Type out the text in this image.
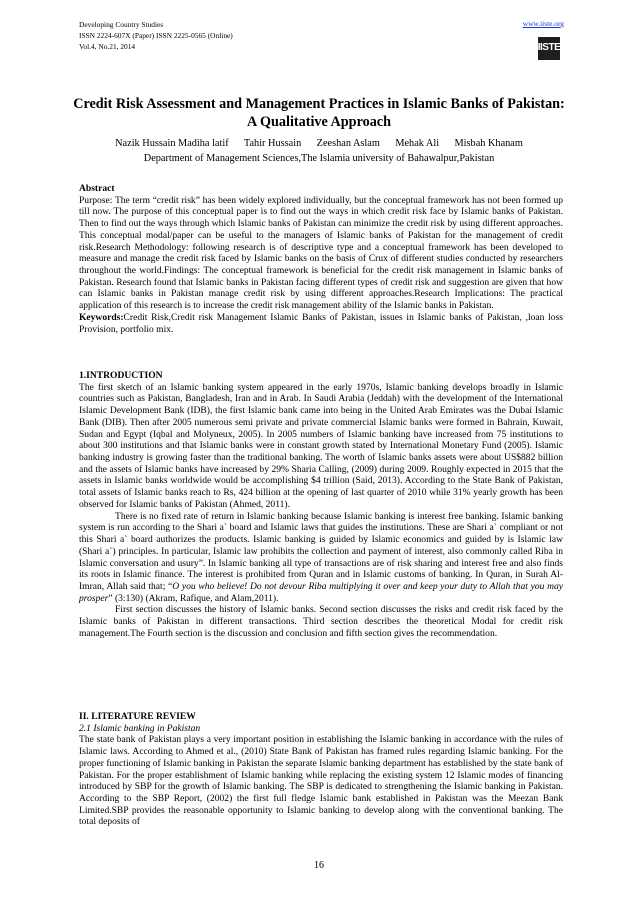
Developing Country Studies
ISSN 2224-607X (Paper) ISSN 2225-0565 (Online)
Vol.4, No.21, 2014
www.iiste.org
IISTE
Credit Risk Assessment and Management Practices in Islamic Banks of Pakistan: A Qualitative Approach
Nazik Hussain Madiha latif      Tahir Hussain      Zeeshan Aslam      Mehak Ali      Misbah Khanam
Department of Management Sciences,The Islamia university of Bahawalpur,Pakistan
Abstract
Purpose: The term “credit risk” has been widely explored individually, but the conceptual framework has not been formed up till now. The purpose of this conceptual paper is to find out the ways in which credit risk face by Islamic banks of Pakistan. Then to find out the ways through which Islamic banks of Pakistan can minimize the credit risk by using different approaches. This conceptual modal/paper can be useful to the managers of Islamic banks of Pakistan for the management of credit risk.Research Methodology: following research is of descriptive type and a conceptual framework has been developed to measure and manage the credit risk faced by Islamic banks on the basis of Crux of different studies conducted by researchers throughout the world.Findings: The conceptual framework is beneficial for the credit risk management in Islamic banks of Pakistan. Research found that Islamic banks in Pakistan facing different types of credit risk and suggestion are given that how can Islamic banks in Pakistan manage credit risk by using different approaches.Research Implications: The practical application of this research is to increase the credit risk management ability of the Islamic banks in Pakistan.
Keywords:Credit Risk,Credit risk Management Islamic Banks of Pakistan, issues in Islamic banks of Pakistan, ,loan loss Provision, portfolio mix.
1.INTRODUCTION
The first sketch of an Islamic banking system appeared in the early 1970s, Islamic banking develops broadly in Islamic countries such as Pakistan, Bangladesh, Iran and in Arab. In Saudi Arabia (Jeddah) with the development of the International Islamic Development Bank (IDB), the first Islamic bank came into being in the United Arab Emirates was the Dubai Islamic Bank (DIB). Then after 2005 numerous semi private and private commercial Islamic banks were formed in Bahrain, Kuwait, Sudan and Egypt (Iqbal and Molyneux, 2005). In 2005 numbers of Islamic banking have increased from 75 institutions to about 300 institutions and that Islamic banks were in constant growth stated by International Monetary Fund (2005). Islamic banking industry is growing faster than the traditional banking. The worth of Islamic banks assets were about US$882 billion and the assets of Islamic banks have increased by 29% Sharia Calling, (2009) during 2009. Roughly expected in 2015 that the assets in Islamic banks worldwide would be accomplishing $4 trillion (Said, 2013). According to the State Bank of Pakistan, total assets of Islamic banks reach to Rs, 424 billion at the opening of last quarter of 2010 while 31% yearly growth has been observed for Islamic banks of Pakistan (Ahmed, 2011).
There is no fixed rate of return in Islamic banking because Islamic banking is interest free banking. Islamic banking system is run according to the Shari a` board and Islamic laws that guides the institutions. These are Shari a` compliant or not this Shari a` board authorizes the products. Islamic banking is guided by Islamic economics and guided by is Islamic law (Shari a`) principles. In particular, Islamic law prohibits the collection and payment of interest, also commonly called Riba in Islamic conversation and usury”. In Islamic banking all type of transactions are of risk sharing and interest free and also finds its roots in Islamic finance. The interest is prohibited from Quran and in Islamic customs of banking. In Quran, in Surah Al-Imran, Allah said that; “O you who believe! Do not devour Riba multiplying it over and keep your duty to Allah that you may prosper” (3:130) (Akram, Rafique, and Alam,2011).
First section discusses the history of Islamic banks. Second section discusses the risks and credit risk faced by the Islamic banks of Pakistan in different transactions. Third section describes the theoretical Modal for credit risk management.The Fourth section is the discussion and conclusion and fifth section gives the recommendation.
II. LITERATURE REVIEW
2.1 Islamic banking in Pakistan
The state bank of Pakistan plays a very important position in establishing the Islamic banking in accordance with the rules of Islamic laws. According to Ahmed et al., (2010) State Bank of Pakistan has framed rules regarding Islamic banking. For the proper functioning of Islamic banking in Pakistan the separate Islamic banking department has established by the state bank of Pakistan. For the proper establishment of Islamic banking while replacing the existing system 12 Islamic modes of financing introduced by SBP for the growth of Islamic banking. The SBP is dedicated to strengthening the Islamic banking in Pakistan. According to the SBP Report, (2002) the first full fledge Islamic bank established in Pakistan was the Meezan Bank Limited.SBP provides the reasonable opportunity to Islamic banking to develop along with the conventional banking. The total deposits of
16
